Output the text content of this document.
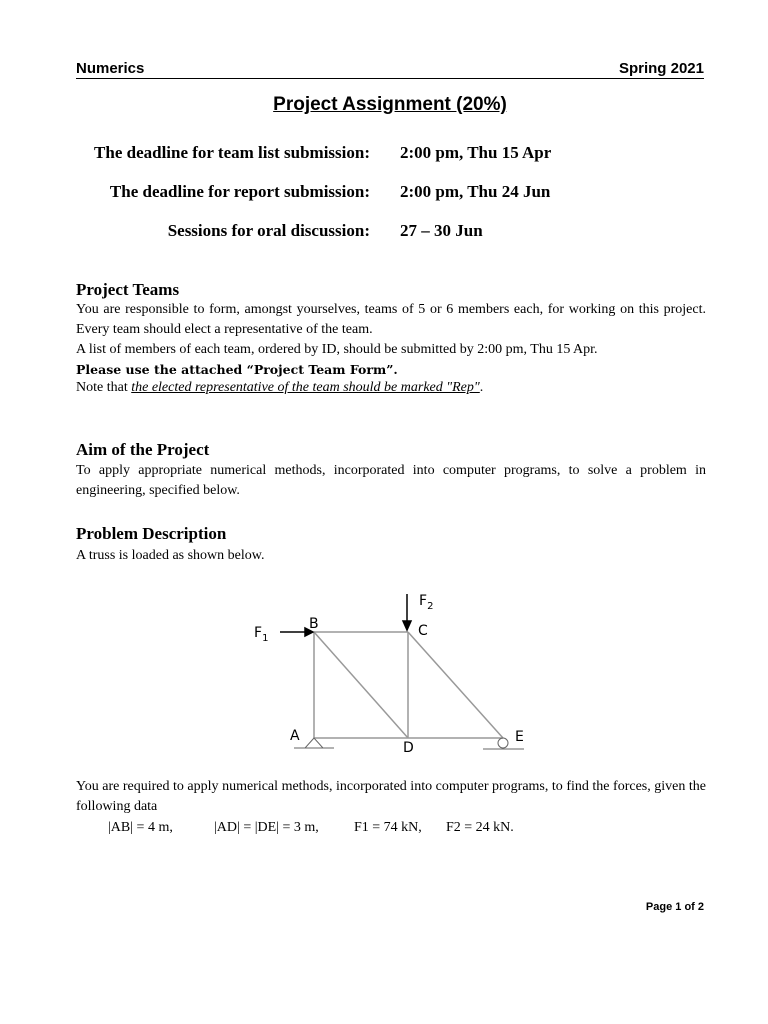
Numerics	Spring 2021
Project Assignment (20%)
The deadline for team list submission: 2:00 pm, Thu 15 Apr
The deadline for report submission: 2:00 pm, Thu 24 Jun
Sessions for oral discussion: 27 – 30 Jun
Project Teams

You are responsible to form, amongst yourselves, teams of 5 or 6 members each, for working on this project. Every team should elect a representative of the team.

A list of members of each team, ordered by ID, should be submitted by 2:00 pm, Thu 15 Apr.

Please use the attached “Project Team Form”.

Note that the elected representative of the team should be marked "Rep".

Aim of the Project

To apply appropriate numerical methods, incorporated into computer programs, to solve a problem in engineering, specified below.

Problem Description

A truss is loaded as shown below.

$F_1$
$F_2$
B	C
A
D
E

You are required to apply numerical methods, incorporated into computer programs, to find the forces, given the following data

|AB| = 4 m,	|AD| = |DE| = 3 m,	F1 = 74 kN, F2 = 24 kN.
Page 1 of 2
